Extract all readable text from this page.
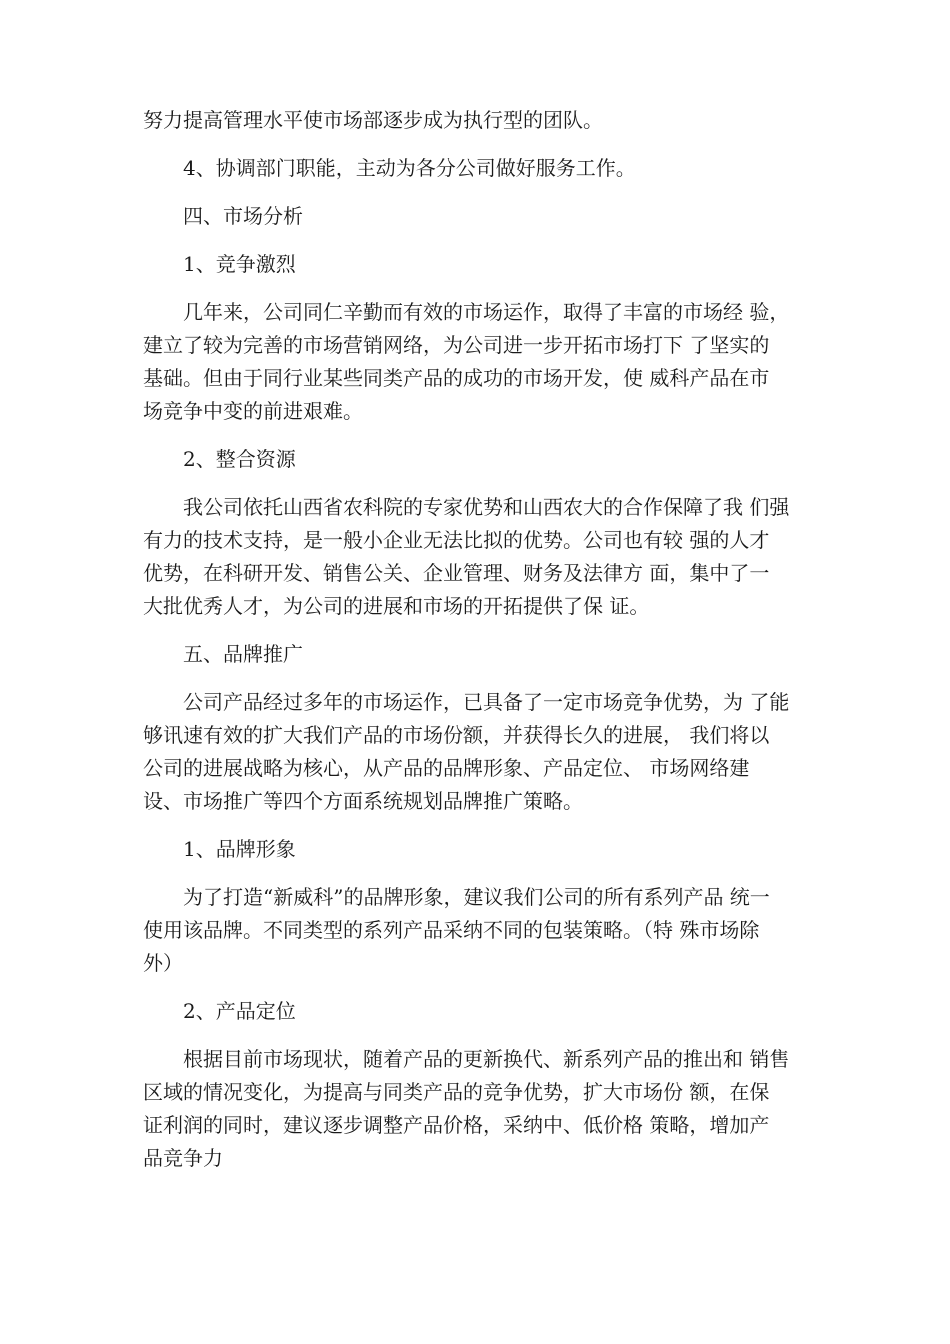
努力提高管理水平使市场部逐步成为执行型的团队。

4、协调部门职能，主动为各分公司做好服务工作。

四、市场分析

1、竞争激烈

几年来，公司同仁辛勤而有效的市场运作，取得了丰富的市场经 验，
建立了较为完善的市场营销网络，为公司进一步开拓市场打下 了坚实的
基础。但由于同行业某些同类产品的成功的市场开发，使 威科产品在市
场竞争中变的前进艰难。

2、整合资源

我公司依托山西省农科院的专家优势和山西农大的合作保障了我 们强
有力的技术支持，是一般小企业无法比拟的优势。公司也有较 强的人才
优势，在科研开发、销售公关、企业管理、财务及法律方 面，集中了一
大批优秀人才，为公司的进展和市场的开拓提供了保 证。

五、品牌推广

公司产品经过多年的市场运作，已具备了一定市场竞争优势，为 了能
够讯速有效的扩大我们产品的市场份额，并获得长久的进展， 我们将以
公司的进展战略为核心，从产品的品牌形象、产品定位、 市场网络建
设、市场推广等四个方面系统规划品牌推广策略。

1、品牌形象

为了打造“新威科”的品牌形象，建议我们公司的所有系列产品 统一
使用该品牌。不同类型的系列产品采纳不同的包装策略。（特 殊市场除
外）

2、产品定位

根据目前市场现状，随着产品的更新换代、新系列产品的推出和 销售
区域的情况变化，为提高与同类产品的竞争优势，扩大市场份 额，在保
证利润的同时，建议逐步调整产品价格，采纳中、低价格 策略，增加产
品竞争力
